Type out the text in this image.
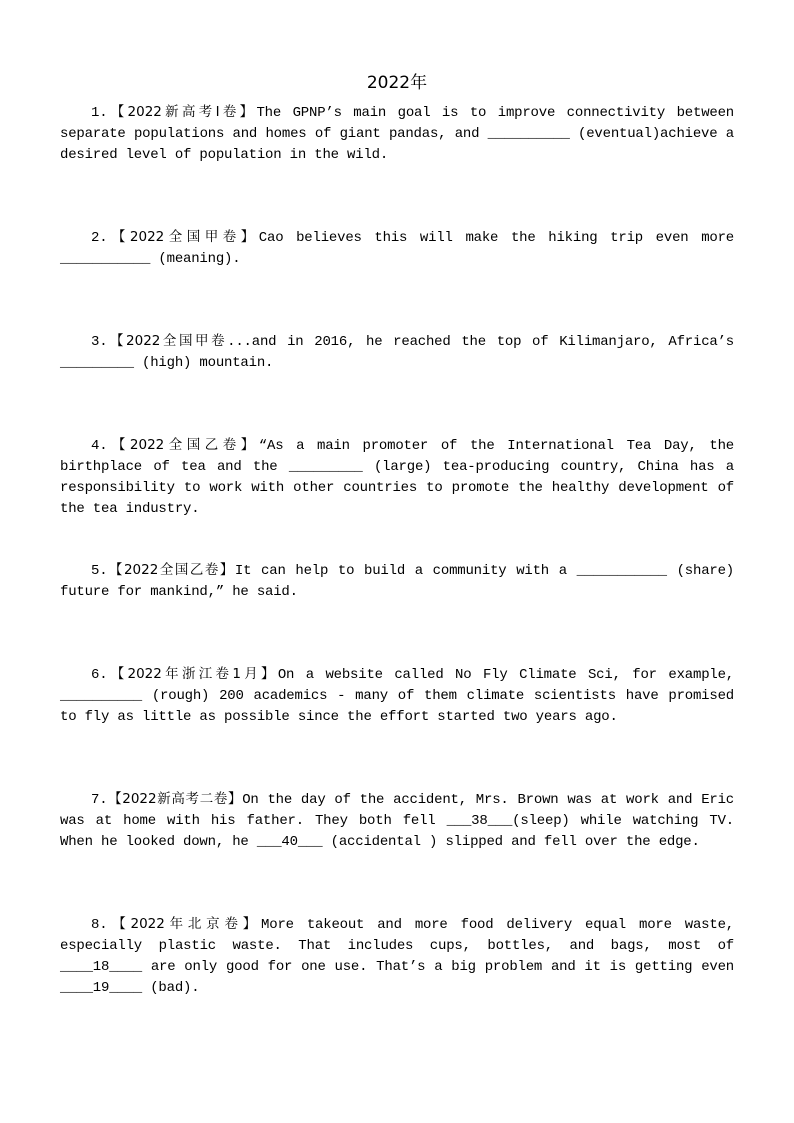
2022年
1.【2022新高考I卷】The GPNP’s main goal is to improve connectivity between separate populations and homes of giant pandas, and __________ (eventual)achieve a desired level of population in the wild.
2.【2022全国甲卷】Cao believes this will make the hiking trip even more ___________ (meaning).
3.【2022全国甲卷...and in 2016, he reached the top of Kilimanjaro, Africa’s _________ (high) mountain.
4.【2022全国乙卷】“As a main promoter of the International Tea Day, the birthplace of tea and the _________ (large) tea-producing country, China has a responsibility to work with other countries to promote the healthy development of the tea industry.
5.【2022全国乙卷】It can help to build a community with a ___________ (share) future for mankind,” he said.
6.【2022年浙江卷1月】On a website called No Fly Climate Sci, for example, __________ (rough) 200 academics - many of them climate scientists have promised to fly as little as possible since the effort started two years ago.
7.【2022新高考二卷】On the day of the accident, Mrs. Brown was at work and Eric was at home with his father. They both fell ___38___(sleep) while watching TV. When he looked down, he ___40___ (accidental ) slipped and fell over the edge.
8.【2022年北京卷】More takeout and more food delivery equal more waste, especially plastic waste. That includes cups, bottles, and bags, most of ____18____ are only good for one use. That’s a big problem and it is getting even ____19____ (bad).
